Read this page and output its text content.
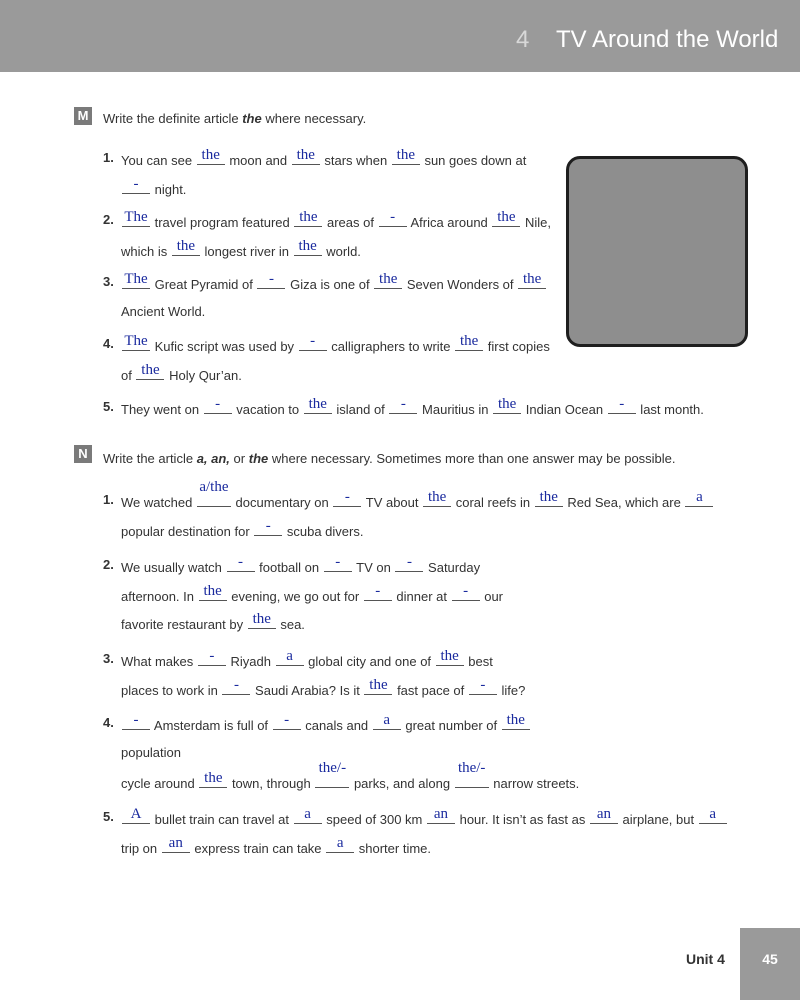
4 TV Around the World
M Write the definite article the where necessary.
1. You can see the moon and the stars when the sun goes down at
- night.
2. The travel program featured the areas of - Africa around the Nile,
which is the longest river in the world.
3. The Great Pyramid of - Giza is one of the Seven Wonders of the
Ancient World.
4. The Kufic script was used by - calligraphers to write the first copies
of the Holy Qur’an.
5. They went on - vacation to the island of - Mauritius in the Indian Ocean - last month.
N	Write the article a, an, or the where necessary. Sometimes more than one answer may be possible.
1. We watched
a/the
documentary on - TV about the coral reefs in the Red Sea, which are a
popular destination for - scuba divers.
2. We usually watch - football on - TV on - Saturday
afternoon. In the evening, we go out for - dinner at - our
favorite restaurant by the sea.
3. What makes - Riyadh a global city and one of the best
places to work in - Saudi Arabia? Is it the fast pace of - life?
4.	- Amsterdam is full of - canals and a great number of the
population
cycle around the town, through
the/-
parks, and along
the/-
narrow streets.
5.	A bullet train can travel at a speed of 300 km an hour. It isn’t as fast as an airplane, but a
trip on an express train can take a shorter time.
Unit 4	45
